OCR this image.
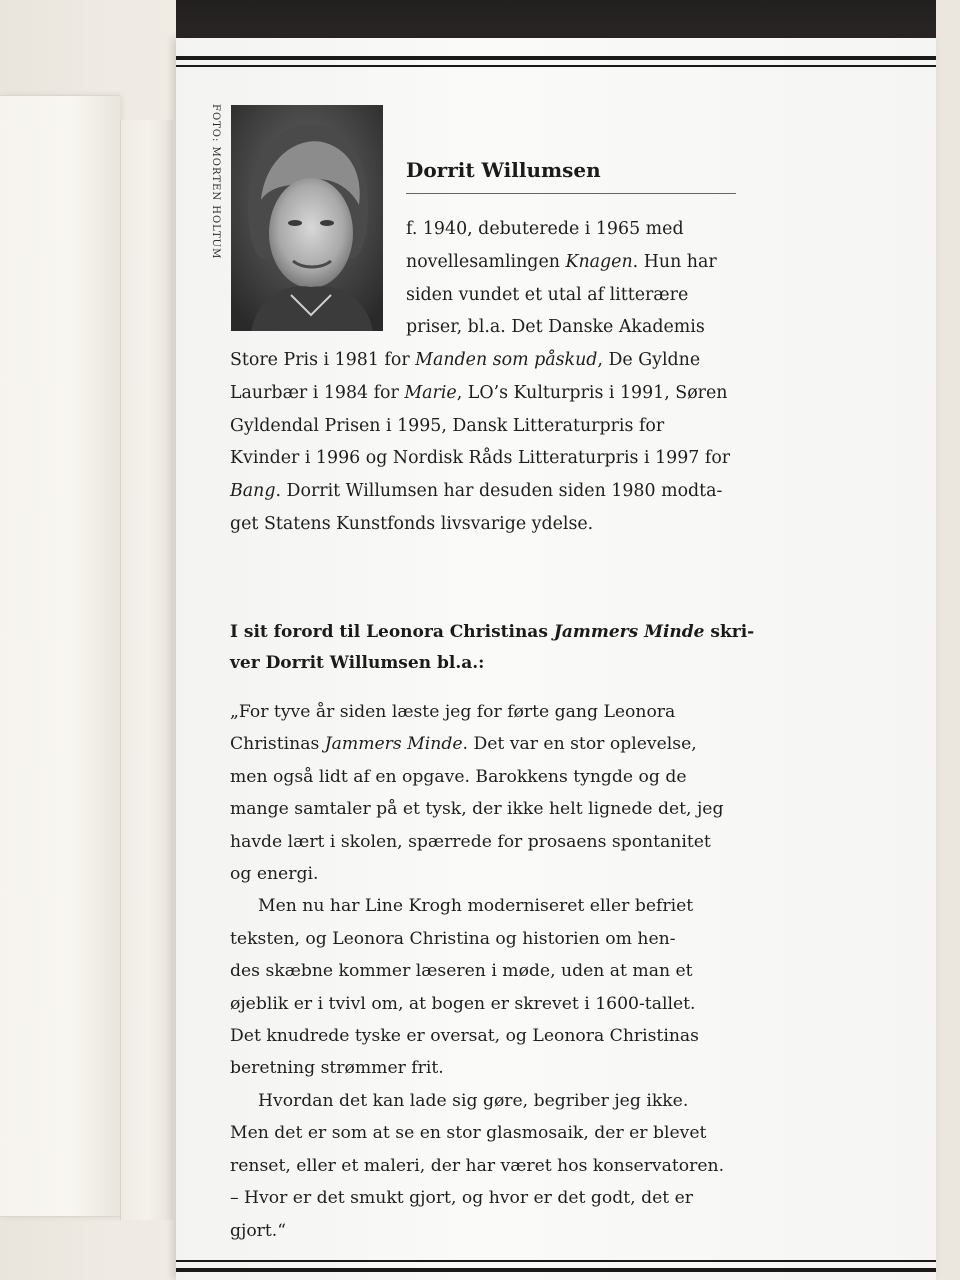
FOTO: MORTEN HOLTUM	Dorrit Willumsen
f. 1940, debuterede i 1965 med
novellesamlingen Knagen. Hun har
siden vundet et utal af litterære
priser, bl.a. Det Danske Akademis
Store Pris i 1981 for Manden som påskud, De Gyldne
Laurbær i 1984 for Marie, LO’s Kulturpris i 1991, Søren
Gyldendal Prisen i 1995, Dansk Litteraturpris for
Kvinder i 1996 og Nordisk Råds Litteraturpris i 1997 for
Bang. Dorrit Willumsen har desuden siden 1980 modta-
get Statens Kunstfonds livsvarige ydelse.
I sit forord til Leonora Christinas Jammers Minde skri-
ver Dorrit Willumsen bl.a.:
„For tyve år siden læste jeg for førte gang Leonora
Christinas Jammers Minde. Det var en stor oplevelse,
men også lidt af en opgave. Barokkens tyngde og de
mange samtaler på et tysk, der ikke helt lignede det, jeg
havde lært i skolen, spærrede for prosaens spontanitet
og energi.
Men nu har Line Krogh moderniseret eller befriet
teksten, og Leonora Christina og historien om hen-
des skæbne kommer læseren i møde, uden at man et
øjeblik er i tvivl om, at bogen er skrevet i 1600-tallet.
Det knudrede tyske er oversat, og Leonora Christinas
beretning strømmer frit.
Hvordan det kan lade sig gøre, begriber jeg ikke.
Men det er som at se en stor glasmosaik, der er blevet
renset, eller et maleri, der har været hos konservatoren.
– Hvor er det smukt gjort, og hvor er det godt, det er
gjort.“
